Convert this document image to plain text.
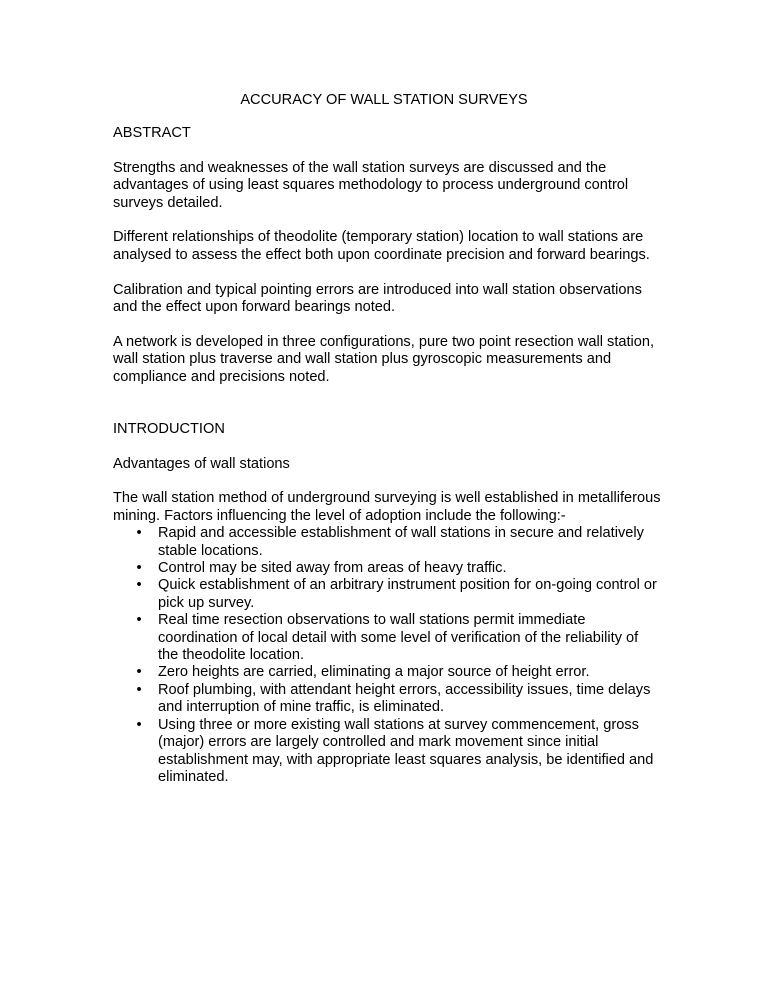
ACCURACY OF WALL STATION SURVEYS

ABSTRACT

Strengths and weaknesses of the wall station surveys are discussed and the advantages of using least squares methodology to process underground control surveys detailed.

Different relationships of theodolite (temporary station) location to wall stations are analysed to assess the effect both upon coordinate precision and forward bearings.

Calibration and typical pointing errors are introduced into wall station observations and the effect upon forward bearings noted.

A network is developed in three configurations, pure two point resection wall station, wall station plus traverse and wall station plus gyroscopic measurements and compliance and precisions noted.

INTRODUCTION

Advantages of wall stations

The wall station method of underground surveying is well established in metalliferous mining. Factors influencing the level of adoption include the following:-

• Rapid and accessible establishment of wall stations in secure and relatively stable locations.
• Control may be sited away from areas of heavy traffic.
• Quick establishment of an arbitrary instrument position for on-going control or pick up survey.
• Real time resection observations to wall stations permit immediate coordination of local detail with some level of verification of the reliability of the theodolite location.
• Zero heights are carried, eliminating a major source of height error.
• Roof plumbing, with attendant height errors, accessibility issues, time delays and interruption of mine traffic, is eliminated.
• Using three or more existing wall stations at survey commencement, gross (major) errors are largely controlled and mark movement since initial establishment may, with appropriate least squares analysis, be identified and eliminated.
